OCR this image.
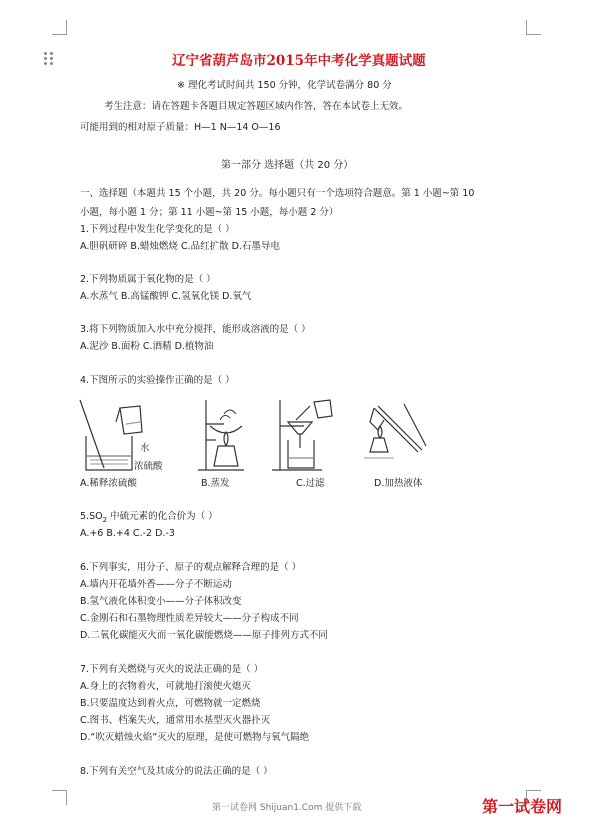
辽宁省葫芦岛市2015年中考化学真题试题
※ 理化考试时间共 150 分钟，化学试卷满分 80 分
考生注意：请在答题卡各题目规定答题区域内作答，答在本试卷上无效。
可能用到的相对原子质量：H—1 N—14 O—16
第一部分 选择题（共 20 分）
一、选择题（本题共 15 个小题，共 20 分。每小题只有一个选项符合题意。第 1 小题~第 10
小题，每小题 1 分；第 11 小题~第 15 小题，每小题 2 分）
1.下列过程中发生化学变化的是（ ）
A.胆矾研碎 B.蜡烛燃烧 C.品红扩散 D.石墨导电
2.下列物质属于氧化物的是（ ）
A.水蒸气 B.高锰酸钾 C.氢氧化镁 D.氧气
3.将下列物质加入水中充分搅拌，能形成溶液的是（ ）
A.泥沙 B.面粉 C.酒精 D.植物油
4.下图所示的实验操作正确的是（ ）
水
浓硫酸
A.稀释浓硫酸	B.蒸发	C.过滤	D.加热液体
$5.SO_2$ 中硫元素的化合价为（ ）
A.+6 B.+4 C.-2 D.-3
6.下列事实，用分子、原子的观点解释合理的是（ ）
A.墙内开花墙外香——分子不断运动
B.氢气液化体积变小——分子体积改变
C.金刚石和石墨物理性质差异较大——分子构成不同
D.二氧化碳能灭火而一氧化碳能燃烧——原子排列方式不同
7.下列有关燃烧与灭火的说法正确的是（ ）
A.身上的衣物着火，可就地打滚使火熄灭
B.只要温度达到着火点，可燃物就一定燃烧
C.图书、档案失火，通常用水基型灭火器扑灭
D.“吹灭蜡烛火焰”灭火的原理，是使可燃物与氧气隔绝
8.下列有关空气及其成分的说法正确的是（ ）
第一试卷网 Shijuan1.Com 提供下载	第一试卷网
